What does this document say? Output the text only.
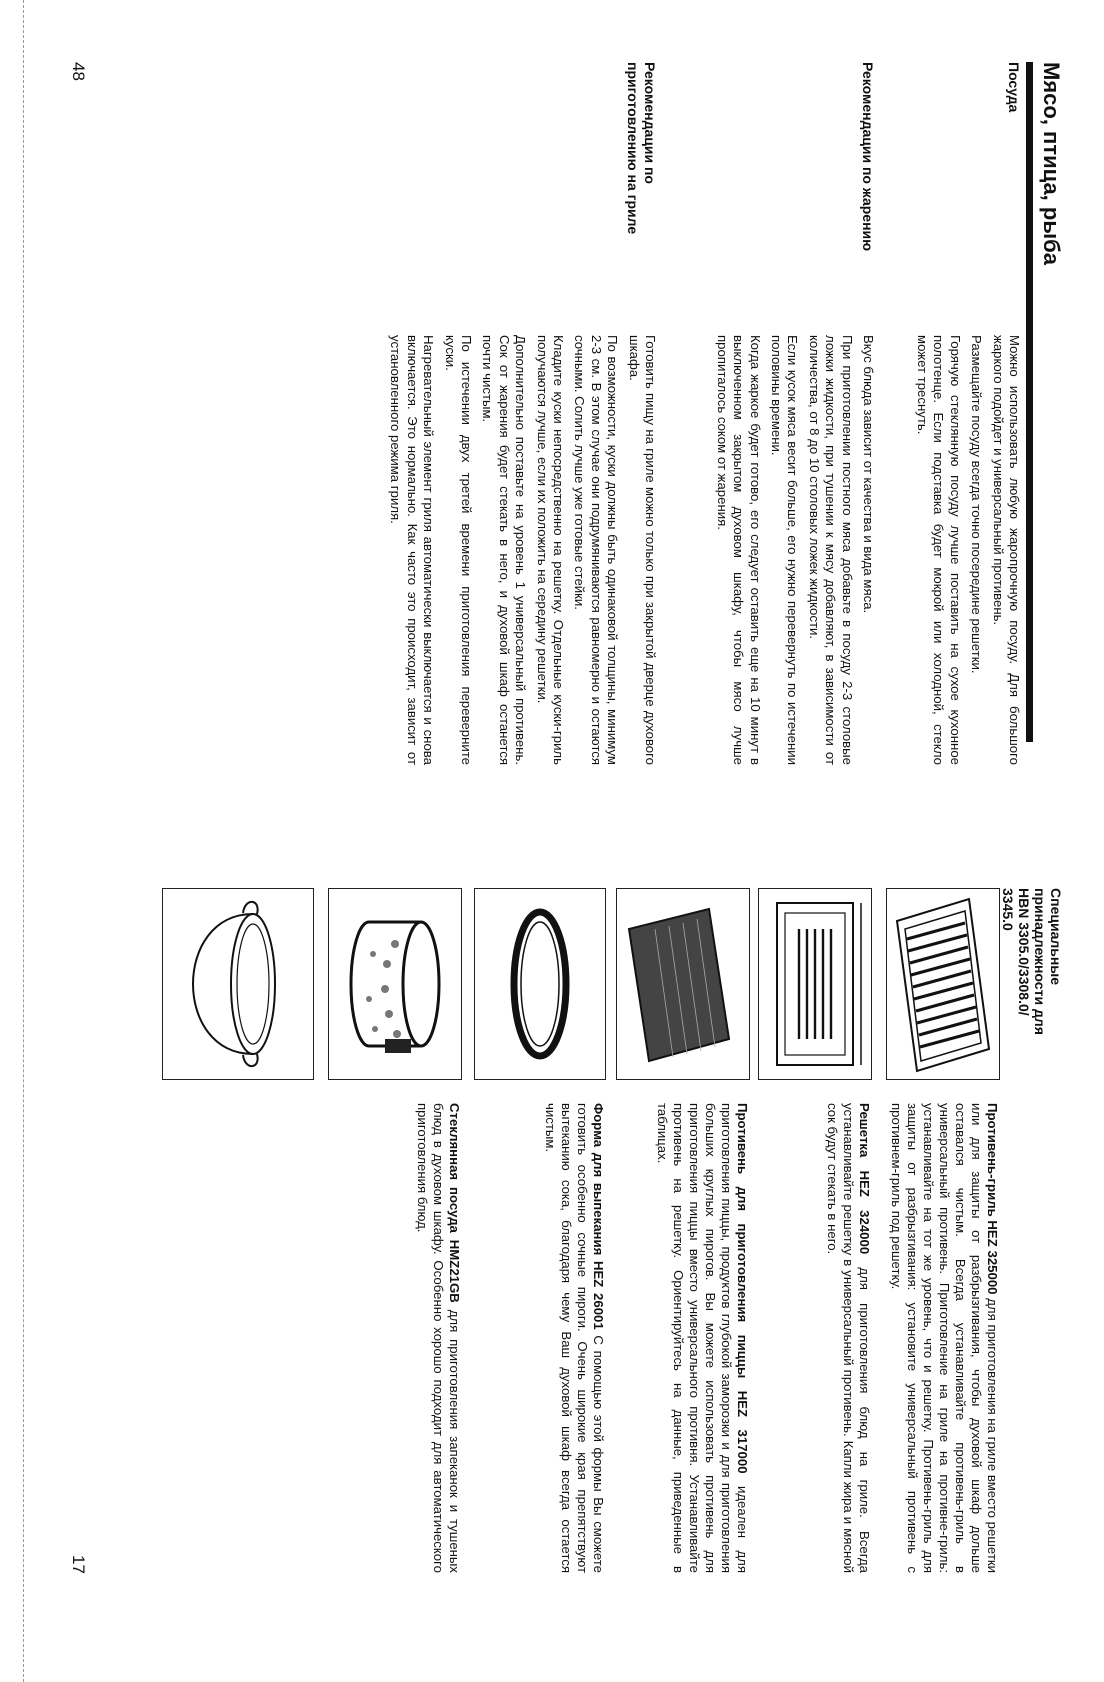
Мясо, птица, рыба
Посуда
Рекомендации по жарению
Рекомендации по приготовлению на гриле

Можно использовать любую жаропрочную посуду. Для большого жаркого подойдет и универсальный противень.

Размещайте посуду всегда точно посередине решетки.

Горячую стеклянную посуду лучше поставить на сухое кухонное полотенце. Если подставка будет мокрой или холодной, стекло может треснуть.

Вкус блюда зависит от качества и вида мяса.

При приготовлении постного мяса добавьте в посуду 2-3 столовые ложки жидкости, при тушении к мясу добавляют, в зависимости от количества, от 8 до 10 столовых ложек жидкости.

Если кусок мяса весит больше, его нужно перевернуть по истечении половины времени.

Когда жаркое будет готово, его следует оставить еще на 10 минут в выключенном закрытом духовом шкафу, чтобы мясо лучше пропиталось соком от жарения.

Готовить пищу на гриле можно только при закрытой дверце духового шкафа.

По возможности, куски должны быть одинаковой толщины, минимум 2-3 см. В этом случае они подрумяниваются равномерно и остаются сочными. Солить лучше уже готовые стейки.

Кладите куски непосредственно на решетку. Отдельные куски-гриль получаются лучше, если их положить на середину решетки.

Дополнительно поставьте на уровень 1 универсальный противень. Сок от жарения будет стекать в него, и духовой шкаф останется почти чистым.

По истечении двух третей времени приготовления переверните куски.

Нагревательный элемент гриля автоматически выключается и снова включается. Это нормально. Как часто это происходит, зависит от установленного режима гриля.

48
Специальные принадлежности для HBN 3305.0/3308.0/ 3345.0
Противень-гриль HEZ 325000 для приготовления на гриле вместо решетки или для защиты от разбрызгивания, чтобы духовой шкаф дольше оставался чистым. Всегда устанавливайте противень-гриль в универсальный противень. Приготовление на гриле на противне-гриль: устанавливайте на тот же уровень, что и решетку. Противень-гриль для защиты от разбрызгивания: установите универсальный противень с противнем-гриль под решетку.
Решетка HEZ 324000 для приготовления блюд на гриле. Всегда устанавливайте решетку в универсальный противень. Капли жира и мясной сок будут стекать в него.
Противень для приготовления пиццы HEZ 317000 идеален для приготовления пиццы, продуктов глубокой заморозки и для приготовления больших круглых пирогов. Вы можете использовать противень для приготовления пиццы вместо универсального противня. Устанавливайте противень на решетку. Ориентируйтесь на данные, приведенные в таблицах.
Форма для выпекания HEZ 26001 С помощью этой формы Вы сможете готовить особенно сочные пироги. Очень широкие края препятствуют вытеканию сока, благодаря чему Ваш духовой шкаф всегда остается чистым.
Стеклянная посуда HMZ21GB для приготовления запеканок и тушеных блюд в духовом шкафу. Особенно хорошо подходит для автоматического приготовления блюд.
17
